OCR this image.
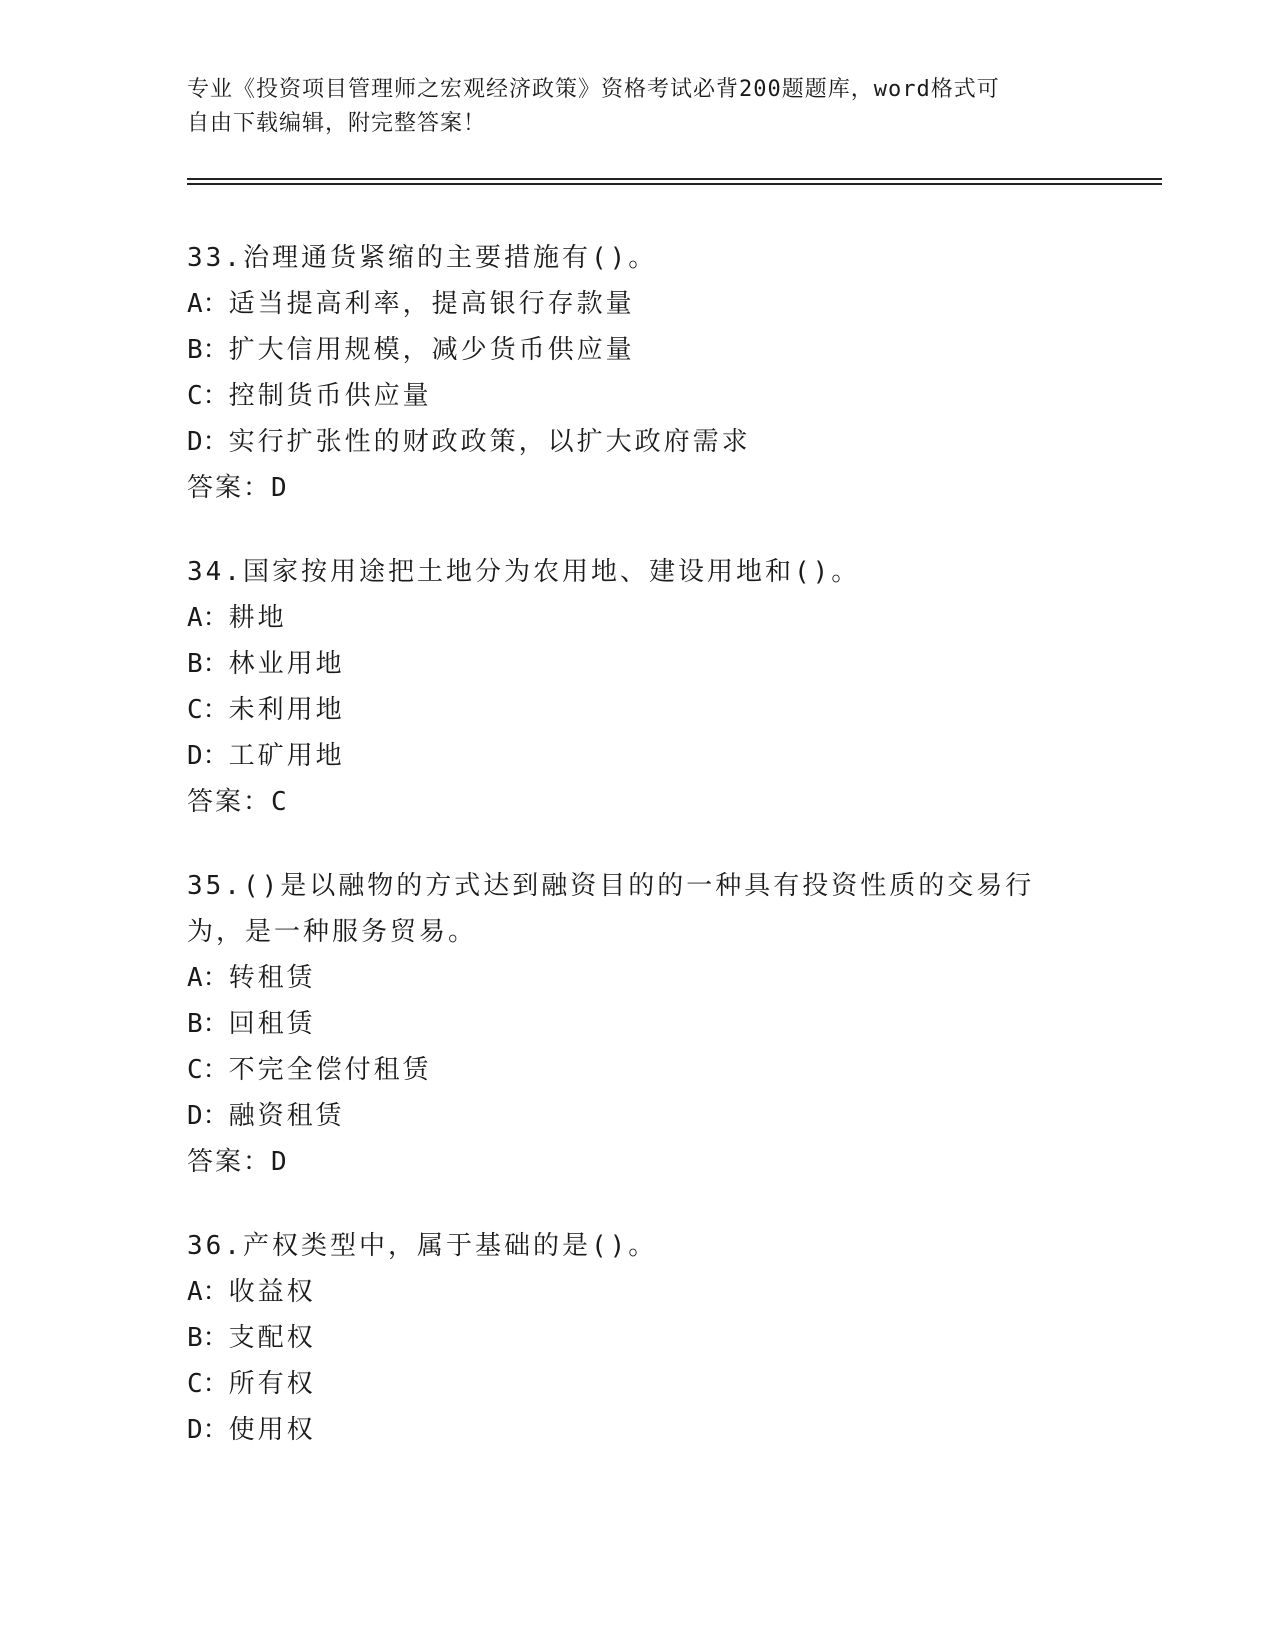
专业《投资项目管理师之宏观经济政策》资格考试必背200题题库，word格式可
自由下载编辑，附完整答案！
33.治理通货紧缩的主要措施有()。
A：适当提高利率，提高银行存款量
B：扩大信用规模，减少货币供应量
C：控制货币供应量
D：实行扩张性的财政政策，以扩大政府需求
答案：D
34.国家按用途把土地分为农用地、建设用地和()。
A：耕地
B：林业用地
C：未利用地
D：工矿用地
答案：C
35.()是以融物的方式达到融资目的的一种具有投资性质的交易行为，是一种服务贸易。
A：转租赁
B：回租赁
C：不完全偿付租赁
D：融资租赁
答案：D
36.产权类型中，属于基础的是()。
A：收益权
B：支配权
C：所有权
D：使用权
